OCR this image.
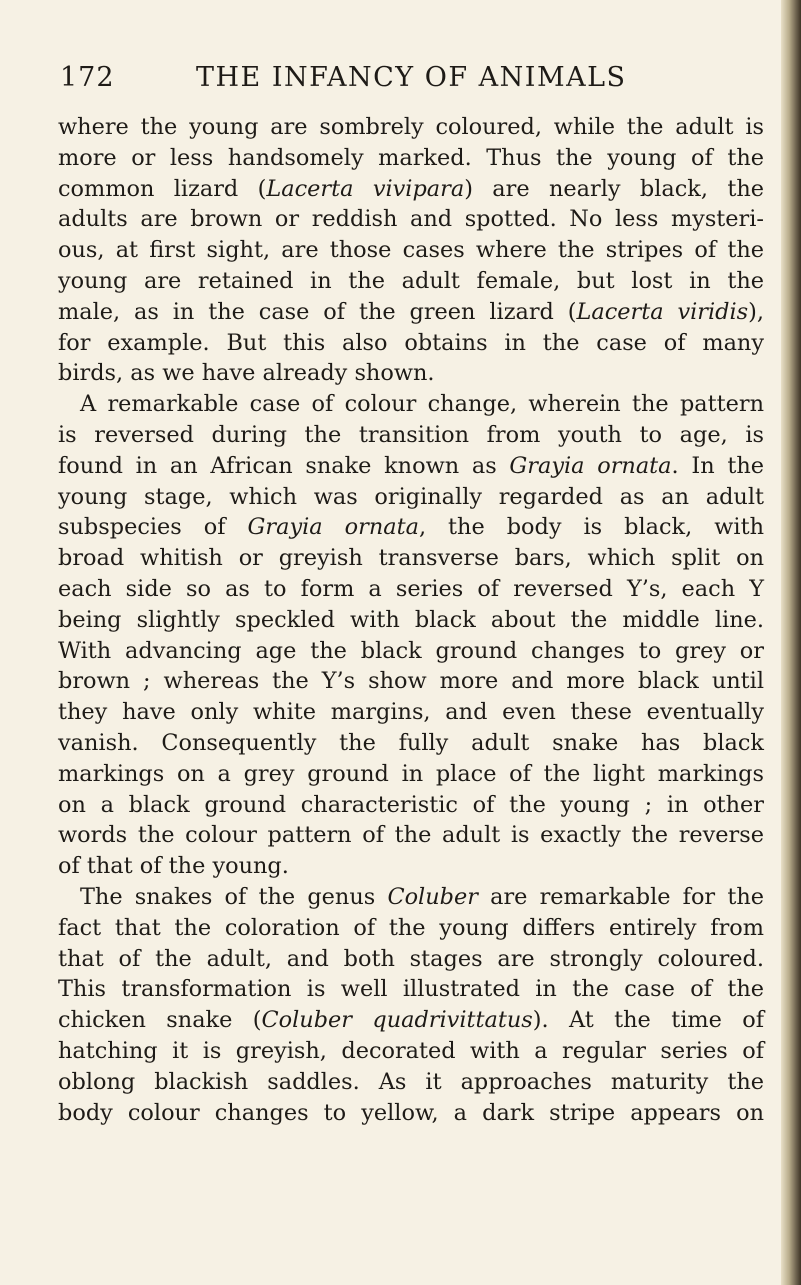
172	THE INFANCY OF ANIMALS
where the young are sombrely coloured, while the adult is
more or less handsomely marked. Thus the young of the
common lizard (Lacerta vivipara) are nearly black, the
adults are brown or reddish and spotted. No less mysteri-
ous, at first sight, are those cases where the stripes of the
young are retained in the adult female, but lost in the
male, as in the case of the green lizard (Lacerta viridis),
for example. But this also obtains in the case of many
birds, as we have already shown.
A remarkable case of colour change, wherein the pattern
is reversed during the transition from youth to age, is
found in an African snake known as Grayia ornata. In the
young stage, which was originally regarded as an adult
subspecies of Grayia ornata, the body is black, with
broad whitish or greyish transverse bars, which split on
each side so as to form a series of reversed Y’s, each Y
being slightly speckled with black about the middle line.
With advancing age the black ground changes to grey or
brown ; whereas the Y’s show more and more black until
they have only white margins, and even these eventually
vanish. Consequently the fully adult snake has black
markings on a grey ground in place of the light markings
on a black ground characteristic of the young ; in other
words the colour pattern of the adult is exactly the reverse
of that of the young.
The snakes of the genus Coluber are remarkable for the
fact that the coloration of the young differs entirely from
that of the adult, and both stages are strongly coloured.
This transformation is well illustrated in the case of the
chicken snake (Coluber quadrivittatus). At the time of
hatching it is greyish, decorated with a regular series of
oblong blackish saddles. As it approaches maturity the
body colour changes to yellow, a dark stripe appears on
